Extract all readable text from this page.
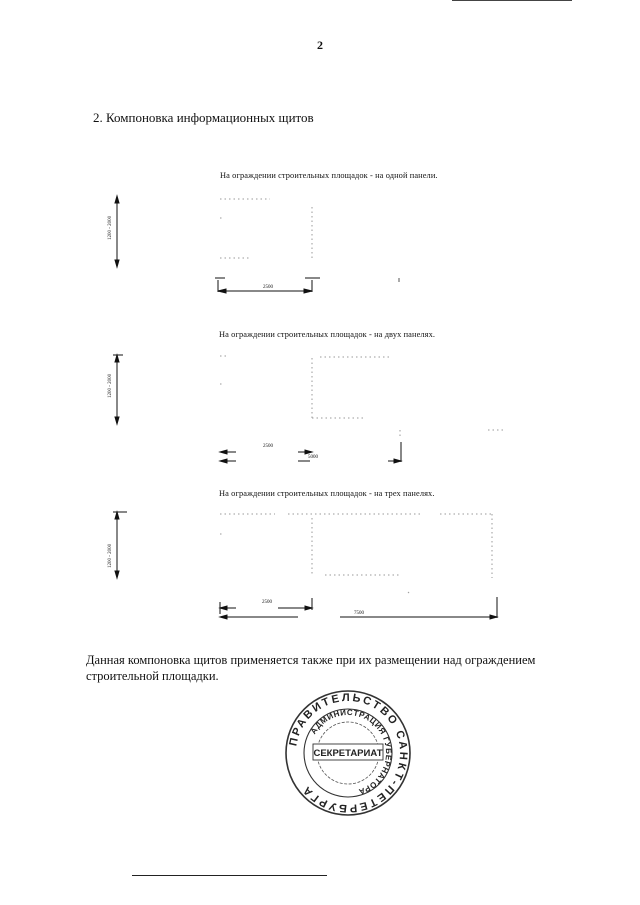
2
2. Компоновка информационных щитов
На ограждении строительных площадок - на одной панели.
1200 - 2000
2500
На ограждении строительных площадок - на двух панелях.
1200 - 2000
2500
5000
На ограждении строительных площадок - на трех панелях.
1200 - 2000
2500
7500
Данная компоновка щитов применяется также при их размещении над ограждением строительной площадки.
ПРАВИТЕЛЬСТВО САНКТ-ПЕТЕРБУРГА
АДМИНИСТРАЦИЯ ГУБЕРНАТОРА
СЕКРЕТАРИАТ
